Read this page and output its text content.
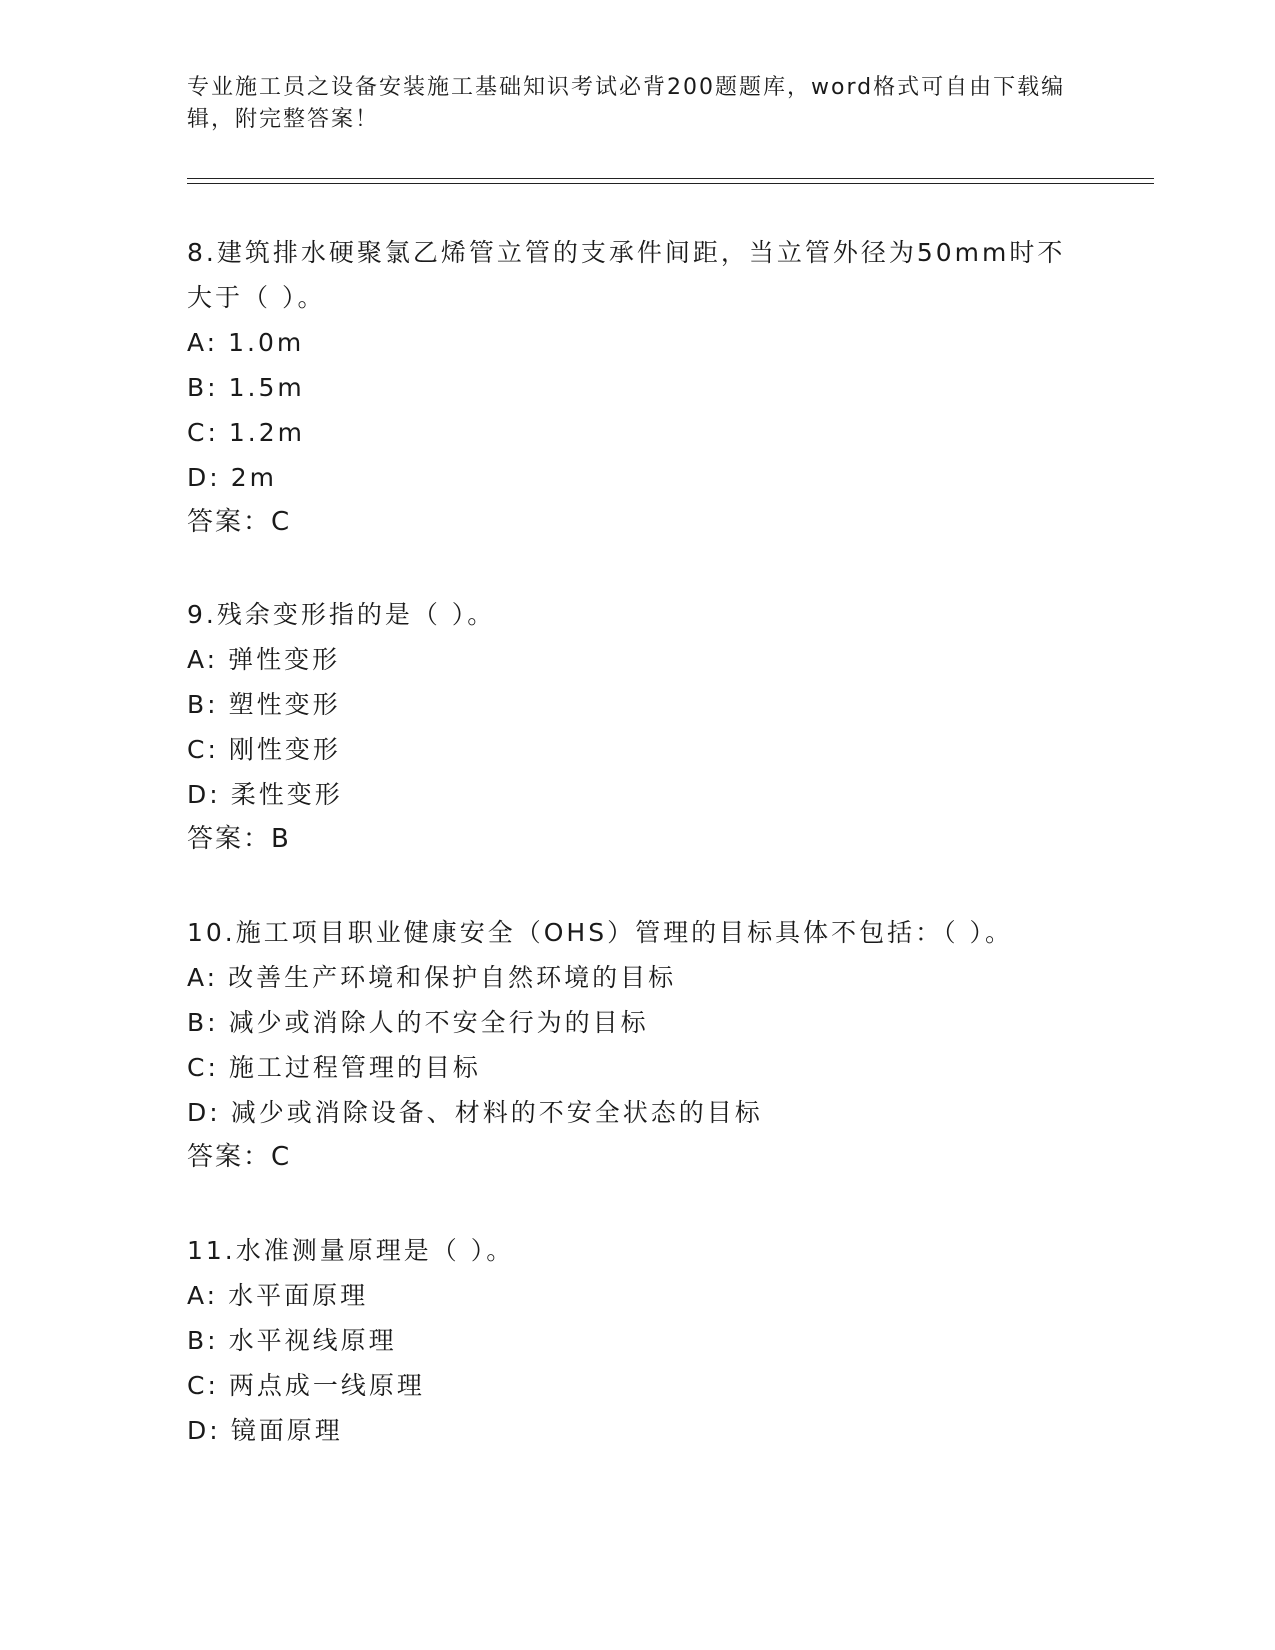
专业施工员之设备安装施工基础知识考试必背200题题库，word格式可自由下载编辑，附完整答案！
8.建筑排水硬聚氯乙烯管立管的支承件间距，当立管外径为50mm时不大于（ ）。
A: 1.0m
B: 1.5m
C: 1.2m
D: 2m
答案：C
9.残余变形指的是（ ）。
A: 弹性变形
B: 塑性变形
C: 刚性变形
D: 柔性变形
答案：B
10.施工项目职业健康安全（OHS）管理的目标具体不包括：（ ）。
A: 改善生产环境和保护自然环境的目标
B: 减少或消除人的不安全行为的目标
C: 施工过程管理的目标
D: 减少或消除设备、材料的不安全状态的目标
答案：C
11.水准测量原理是（ ）。
A: 水平面原理
B: 水平视线原理
C: 两点成一线原理
D: 镜面原理
